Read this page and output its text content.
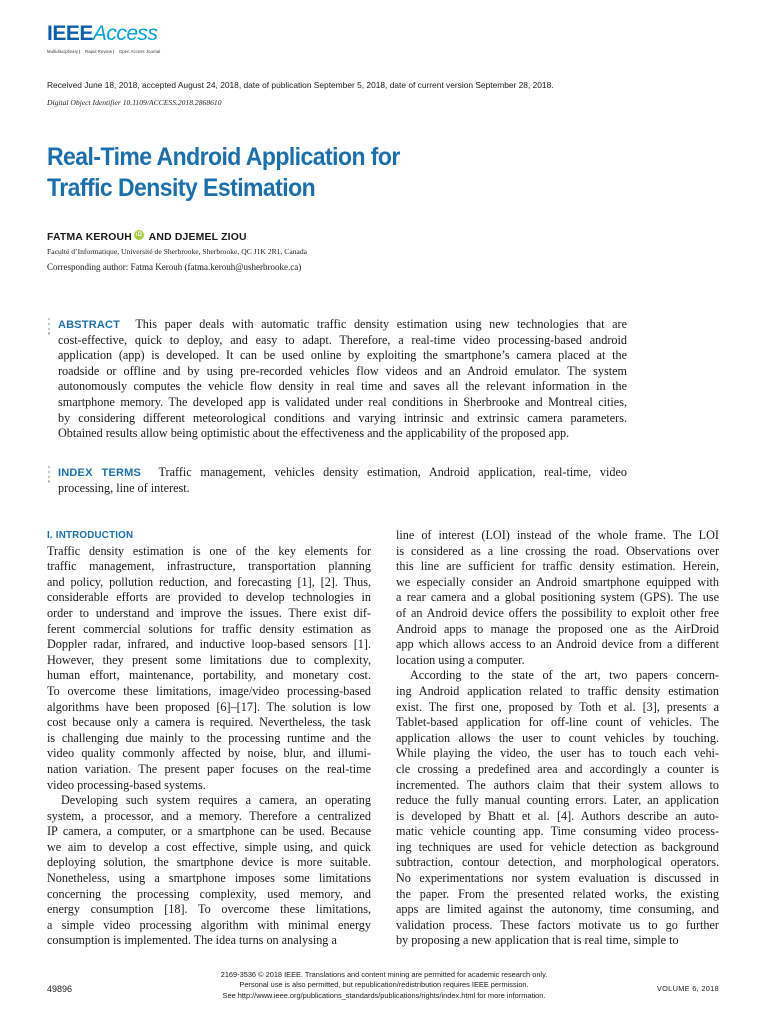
IEEEAccess
Multidisciplinary ⎸ Rapid Review ⎸ Open Access Journal
Received June 18, 2018, accepted August 24, 2018, date of publication September 5, 2018, date of current version September 28, 2018.
Digital Object Identifier 10.1109/ACCESS.2018.2868610
Real-Time Android Application for
Traffic Density Estimation
FATMA KEROUH iD AND DJEMEL ZIOU
Faculté d’Informatique, Université de Sherbrooke, Sherbrooke, QC J1K 2R1, Canada
Corresponding author: Fatma Kerouh (fatma.kerouh@usherbrooke.ca)
ABSTRACT This paper deals with automatic traffic density estimation using new technologies that are
cost-effective, quick to deploy, and easy to adapt. Therefore, a real-time video processing-based android
application (app) is developed. It can be used online by exploiting the smartphone’s camera placed at the
roadside or offline and by using pre-recorded vehicles flow videos and an Android emulator. The system
autonomously computes the vehicle flow density in real time and saves all the relevant information in the
smartphone memory. The developed app is validated under real conditions in Sherbrooke and Montreal cities,
by considering different meteorological conditions and varying intrinsic and extrinsic camera parameters.
Obtained results allow being optimistic about the effectiveness and the applicability of the proposed app.
INDEX TERMS Traffic management, vehicles density estimation, Android application, real-time, video
processing, line of interest.
I. INTRODUCTION
Traffic density estimation is one of the key elements for
traffic management, infrastructure, transportation planning
and policy, pollution reduction, and forecasting [1], [2]. Thus,
considerable efforts are provided to develop technologies in
order to understand and improve the issues. There exist dif-
ferent commercial solutions for traffic density estimation as
Doppler radar, infrared, and inductive loop-based sensors [1].
However, they present some limitations due to complexity,
human effort, maintenance, portability, and monetary cost.
To overcome these limitations, image/video processing-based
algorithms have been proposed [6]–[17]. The solution is low
cost because only a camera is required. Nevertheless, the task
is challenging due mainly to the processing runtime and the
video quality commonly affected by noise, blur, and illumi-
nation variation. The present paper focuses on the real-time
video processing-based systems.
Developing such system requires a camera, an operating
system, a processor, and a memory. Therefore a centralized
IP camera, a computer, or a smartphone can be used. Because
we aim to develop a cost effective, simple using, and quick
deploying solution, the smartphone device is more suitable.
Nonetheless, using a smartphone imposes some limitations
concerning the processing complexity, used memory, and
energy consumption [18]. To overcome these limitations,
a simple video processing algorithm with minimal energy
consumption is implemented. The idea turns on analysing a
line of interest (LOI) instead of the whole frame. The LOI
is considered as a line crossing the road. Observations over
this line are sufficient for traffic density estimation. Herein,
we especially consider an Android smartphone equipped with
a rear camera and a global positioning system (GPS). The use
of an Android device offers the possibility to exploit other free
Android apps to manage the proposed one as the AirDroid
app which allows access to an Android device from a different
location using a computer.
According to the state of the art, two papers concern-
ing Android application related to traffic density estimation
exist. The first one, proposed by Toth et al. [3], presents a
Tablet-based application for off-line count of vehicles. The
application allows the user to count vehicles by touching.
While playing the video, the user has to touch each vehi-
cle crossing a predefined area and accordingly a counter is
incremented. The authors claim that their system allows to
reduce the fully manual counting errors. Later, an application
is developed by Bhatt et al. [4]. Authors describe an auto-
matic vehicle counting app. Time consuming video process-
ing techniques are used for vehicle detection as background
subtraction, contour detection, and morphological operators.
No experimentations nor system evaluation is discussed in
the paper. From the presented related works, the existing
apps are limited against the autonomy, time consuming, and
validation process. These factors motivate us to go further
by proposing a new application that is real time, simple to
49896
2169-3536 © 2018 IEEE. Translations and content mining are permitted for academic research only.
Personal use is also permitted, but republication/redistribution requires IEEE permission.
See http://www.ieee.org/publications_standards/publications/rights/index.html for more information.
VOLUME 6, 2018
